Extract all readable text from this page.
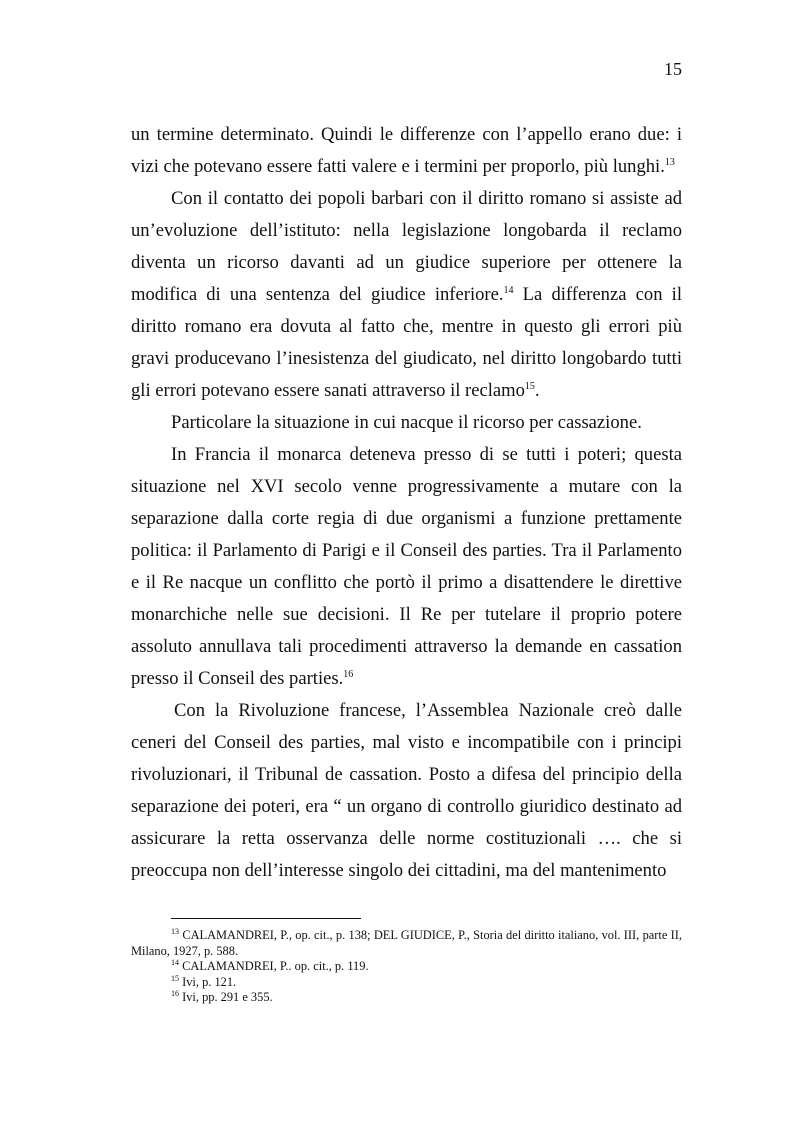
15

un termine determinato. Quindi le differenze con l’appello erano due: i vizi che potevano essere fatti valere e i termini per proporlo, più lunghi.$^{13}$

Con il contatto dei popoli barbari con il diritto romano si assiste ad un’evoluzione dell’istituto: nella legislazione longobarda il reclamo diventa un ricorso davanti ad un giudice superiore per ottenere la modifica di una sentenza del giudice inferiore.$^{14}$ La differenza con il diritto romano era dovuta al fatto che, mentre in questo gli errori più gravi producevano l’inesistenza del giudicato, nel diritto longobardo tutti gli errori potevano essere sanati attraverso il reclamo$^{15}$.

Particolare la situazione in cui nacque il ricorso per cassazione.

In Francia il monarca deteneva presso di se tutti i poteri; questa situazione nel XVI secolo venne progressivamente a mutare con la separazione dalla corte regia di due organismi a funzione prettamente politica: il Parlamento di Parigi e il Conseil des parties. Tra il Parlamento e il Re nacque un conflitto che portò il primo a disattendere le direttive monarchiche nelle sue decisioni. Il Re per tutelare il proprio potere assoluto annullava tali procedimenti attraverso la demande en cassation presso il Conseil des parties.$^{16}$

Con la Rivoluzione francese, l’Assemblea Nazionale creò dalle ceneri del Conseil des parties, mal visto e incompatibile con i principi rivoluzionari, il Tribunal de cassation. Posto a difesa del principio della separazione dei poteri, era “ un organo di controllo giuridico destinato ad assicurare la retta osservanza delle norme costituzionali …. che si preoccupa non dell’interesse singolo dei cittadini, ma del mantenimento

$^{13}$ CALAMANDREI, P., op. cit., p. 138; DEL GIUDICE, P., Storia del diritto italiano, vol. III, parte II, Milano, 1927, p. 588.

$^{14}$ CALAMANDREI, P.. op. cit., p. 119.

$^{15}$ Ivi, p. 121.

$^{16}$ Ivi, pp. 291 e 355.
